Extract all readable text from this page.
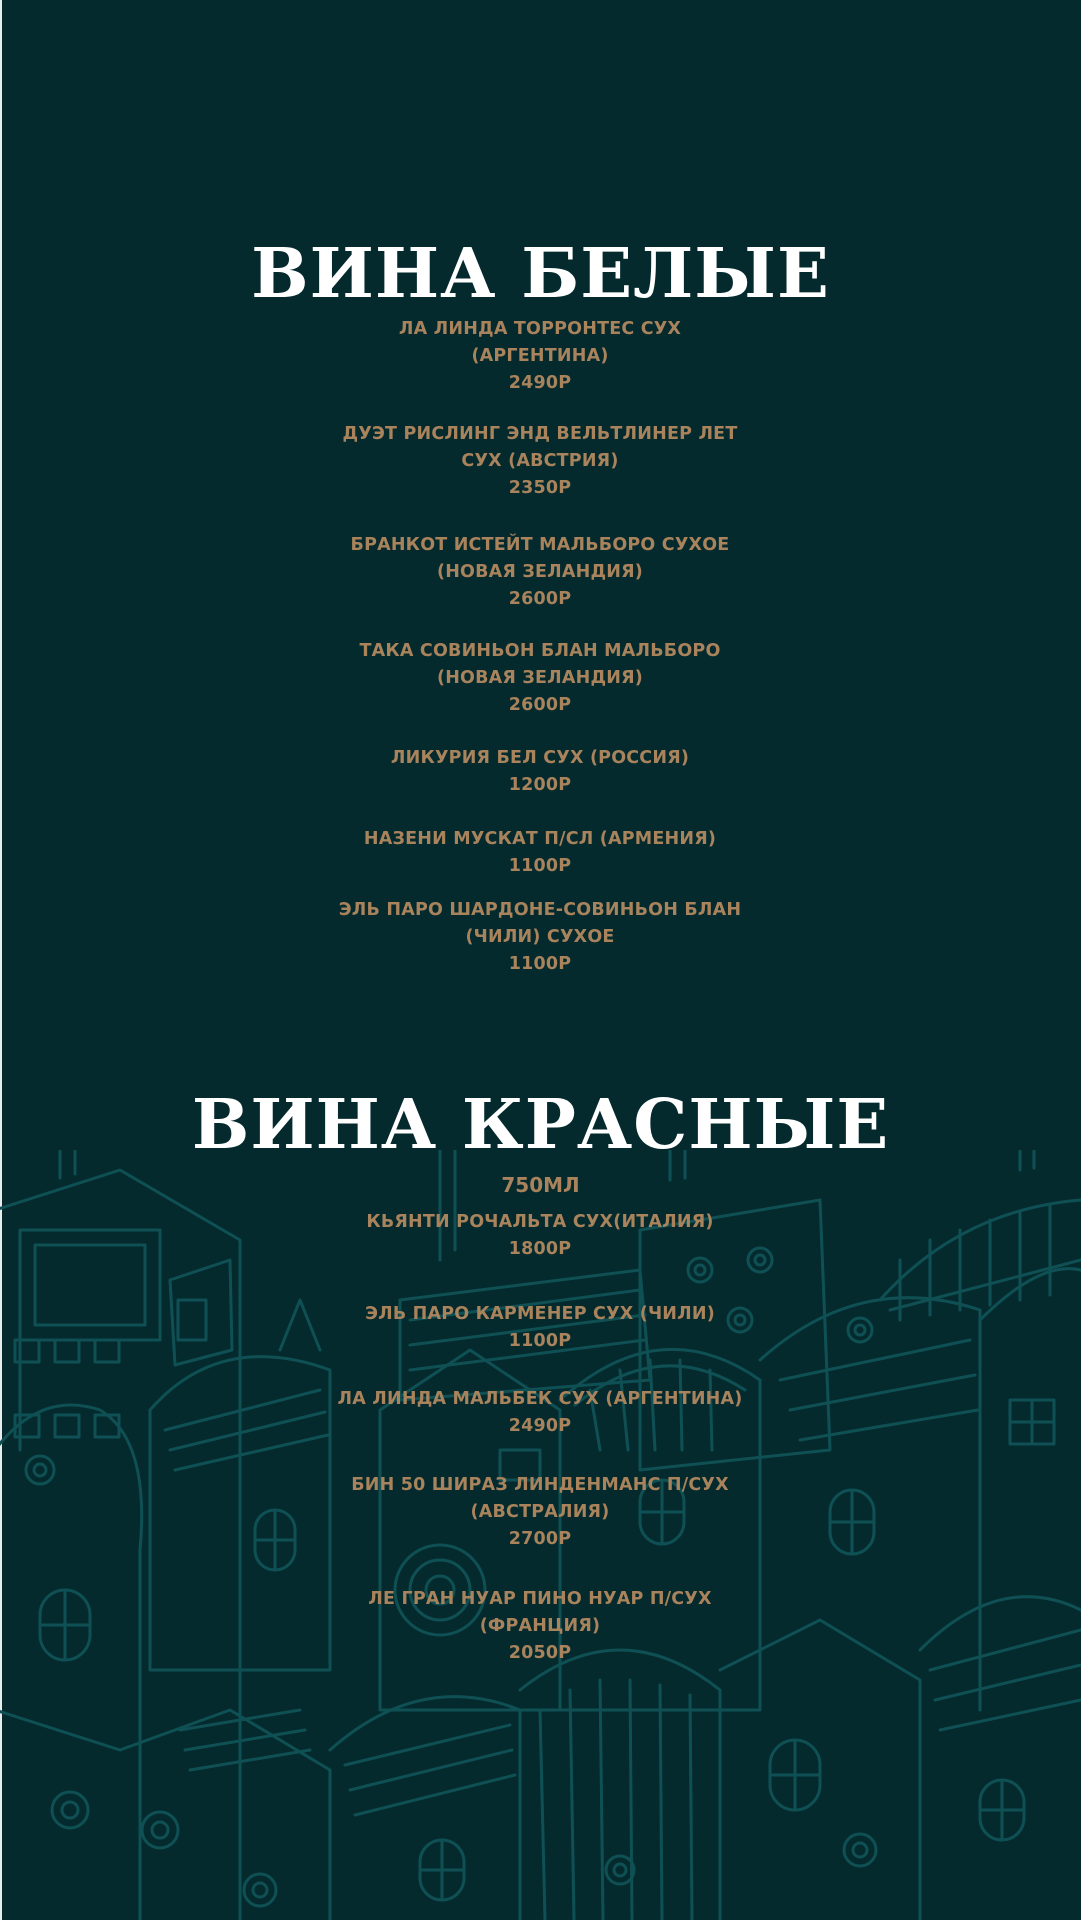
ВИНА БЕЛЫЕ
ЛА ЛИНДА ТОРРОНТЕС СУХ
(АРГЕНТИНА)
2490Р
ДУЭТ РИСЛИНГ ЭНД ВЕЛЬТЛИНЕР ЛЕТ
СУХ (АВСТРИЯ)
2350Р
БРАНКОТ ИСТЕЙТ МАЛЬБОРО СУХОЕ
(НОВАЯ ЗЕЛАНДИЯ)
2600Р
ТАКА СОВИНЬОН БЛАН МАЛЬБОРО
(НОВАЯ ЗЕЛАНДИЯ)
2600Р
ЛИКУРИЯ БЕЛ СУХ (РОССИЯ)
1200Р
НАЗЕНИ МУСКАТ П/СЛ (АРМЕНИЯ)
1100Р
ЭЛЬ ПАРО ШАРДОНЕ-СОВИНЬОН БЛАН
(ЧИЛИ) СУХОЕ
1100Р
ВИНА КРАСНЫЕ
750МЛ
КЬЯНТИ РОЧАЛЬТА СУХ(ИТАЛИЯ)
1800Р
ЭЛЬ ПАРО КАРМЕНЕР СУХ (ЧИЛИ)
1100Р
ЛА ЛИНДА МАЛЬБЕК СУХ (АРГЕНТИНА)
2490Р
БИН 50 ШИРАЗ ЛИНДЕНМАНС П/СУХ
(АВСТРАЛИЯ)
2700Р
ЛЕ ГРАН НУАР ПИНО НУАР П/СУХ
(ФРАНЦИЯ)
2050Р
